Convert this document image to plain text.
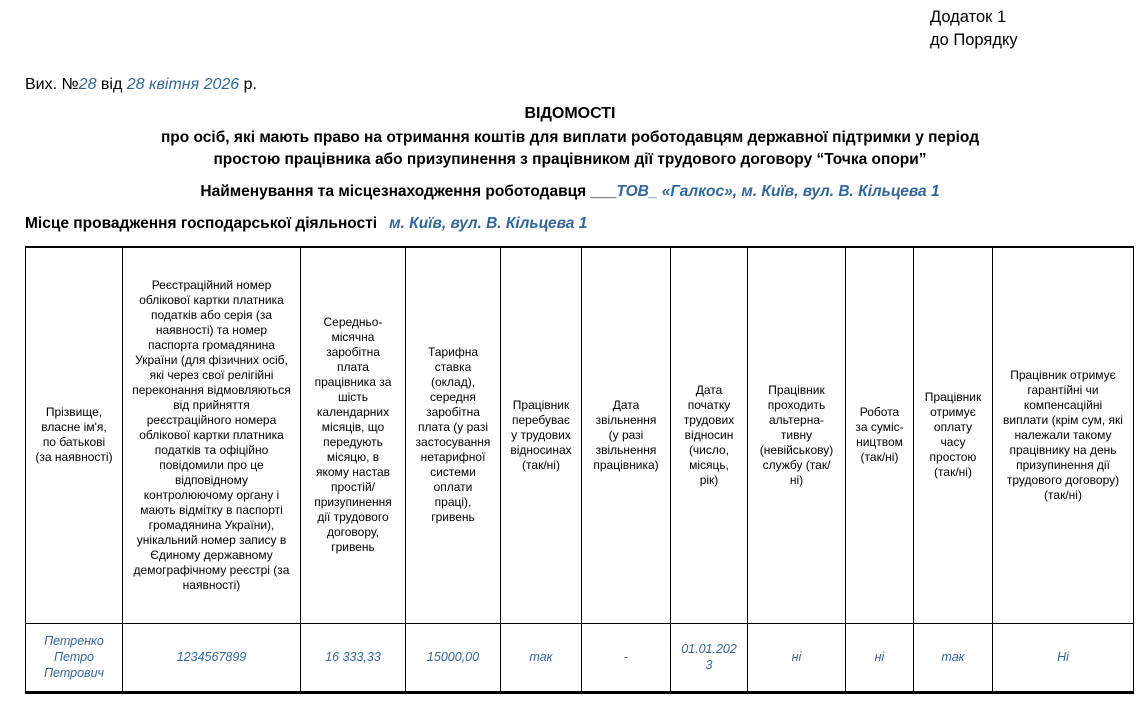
Додаток 1
до Порядку
Вих. №28 від 28 квітня 2026 р.
ВІДОМОСТІ
про осіб, які мають право на отримання коштів для виплати роботодавцям державної підтримки у період
простою працівника або призупинення з працівником дії трудового договору “Точка опори”
Найменування та місцезнаходження роботодавця ___ТОВ_ «Галкос», м. Київ, вул. В. Кільцева 1
Місце провадження господарської діяльності м. Київ, вул. В. Кільцева 1
Прізвище, власне ім'я, по батькові (за наявності)	Реєстраційний номер облікової картки платника податків або серія (за наявності) та номер паспорта громадянина України (для фізичних осіб, які через свої релігійні переконання відмовляються від прийняття реєстраційного номера облікової картки платника податків та офіційно повідомили про це відповідному контролюючому органу і мають відмітку в паспорті громадянина України), унікальний номер запису в Єдиному державному демографічному реєстрі (за наявності)	Середньо-місячна заробітна плата працівника за шість календарних місяців, що передують місяцю, в якому настав простій/ призупинення дії трудового договору, гривень	Тарифна ставка (оклад), середня заробітна плата (у разі застосування нетарифної системи оплати праці), гривень	Працівник перебуває у трудових відносинах (так/ні)	Дата звільнення (у разі звільнення працівника)	Дата початку трудових відносин (число, місяць, рік)	Працівник проходить альтернативну (невійськову) службу (так/ні)	Робота за сумісництвом (так/ні)	Працівник отримує оплату часу простою (так/ні)	Працівник отримує гарантійні чи компенсаційні виплати (крім сум, які належали такому працівнику на день призупинення дії трудового договору) (так/ні)
Петренко Петро Петрович	1234567899	16 333,33	15000,00	так	-	01.01.2023	ні	ні	так	Ні
